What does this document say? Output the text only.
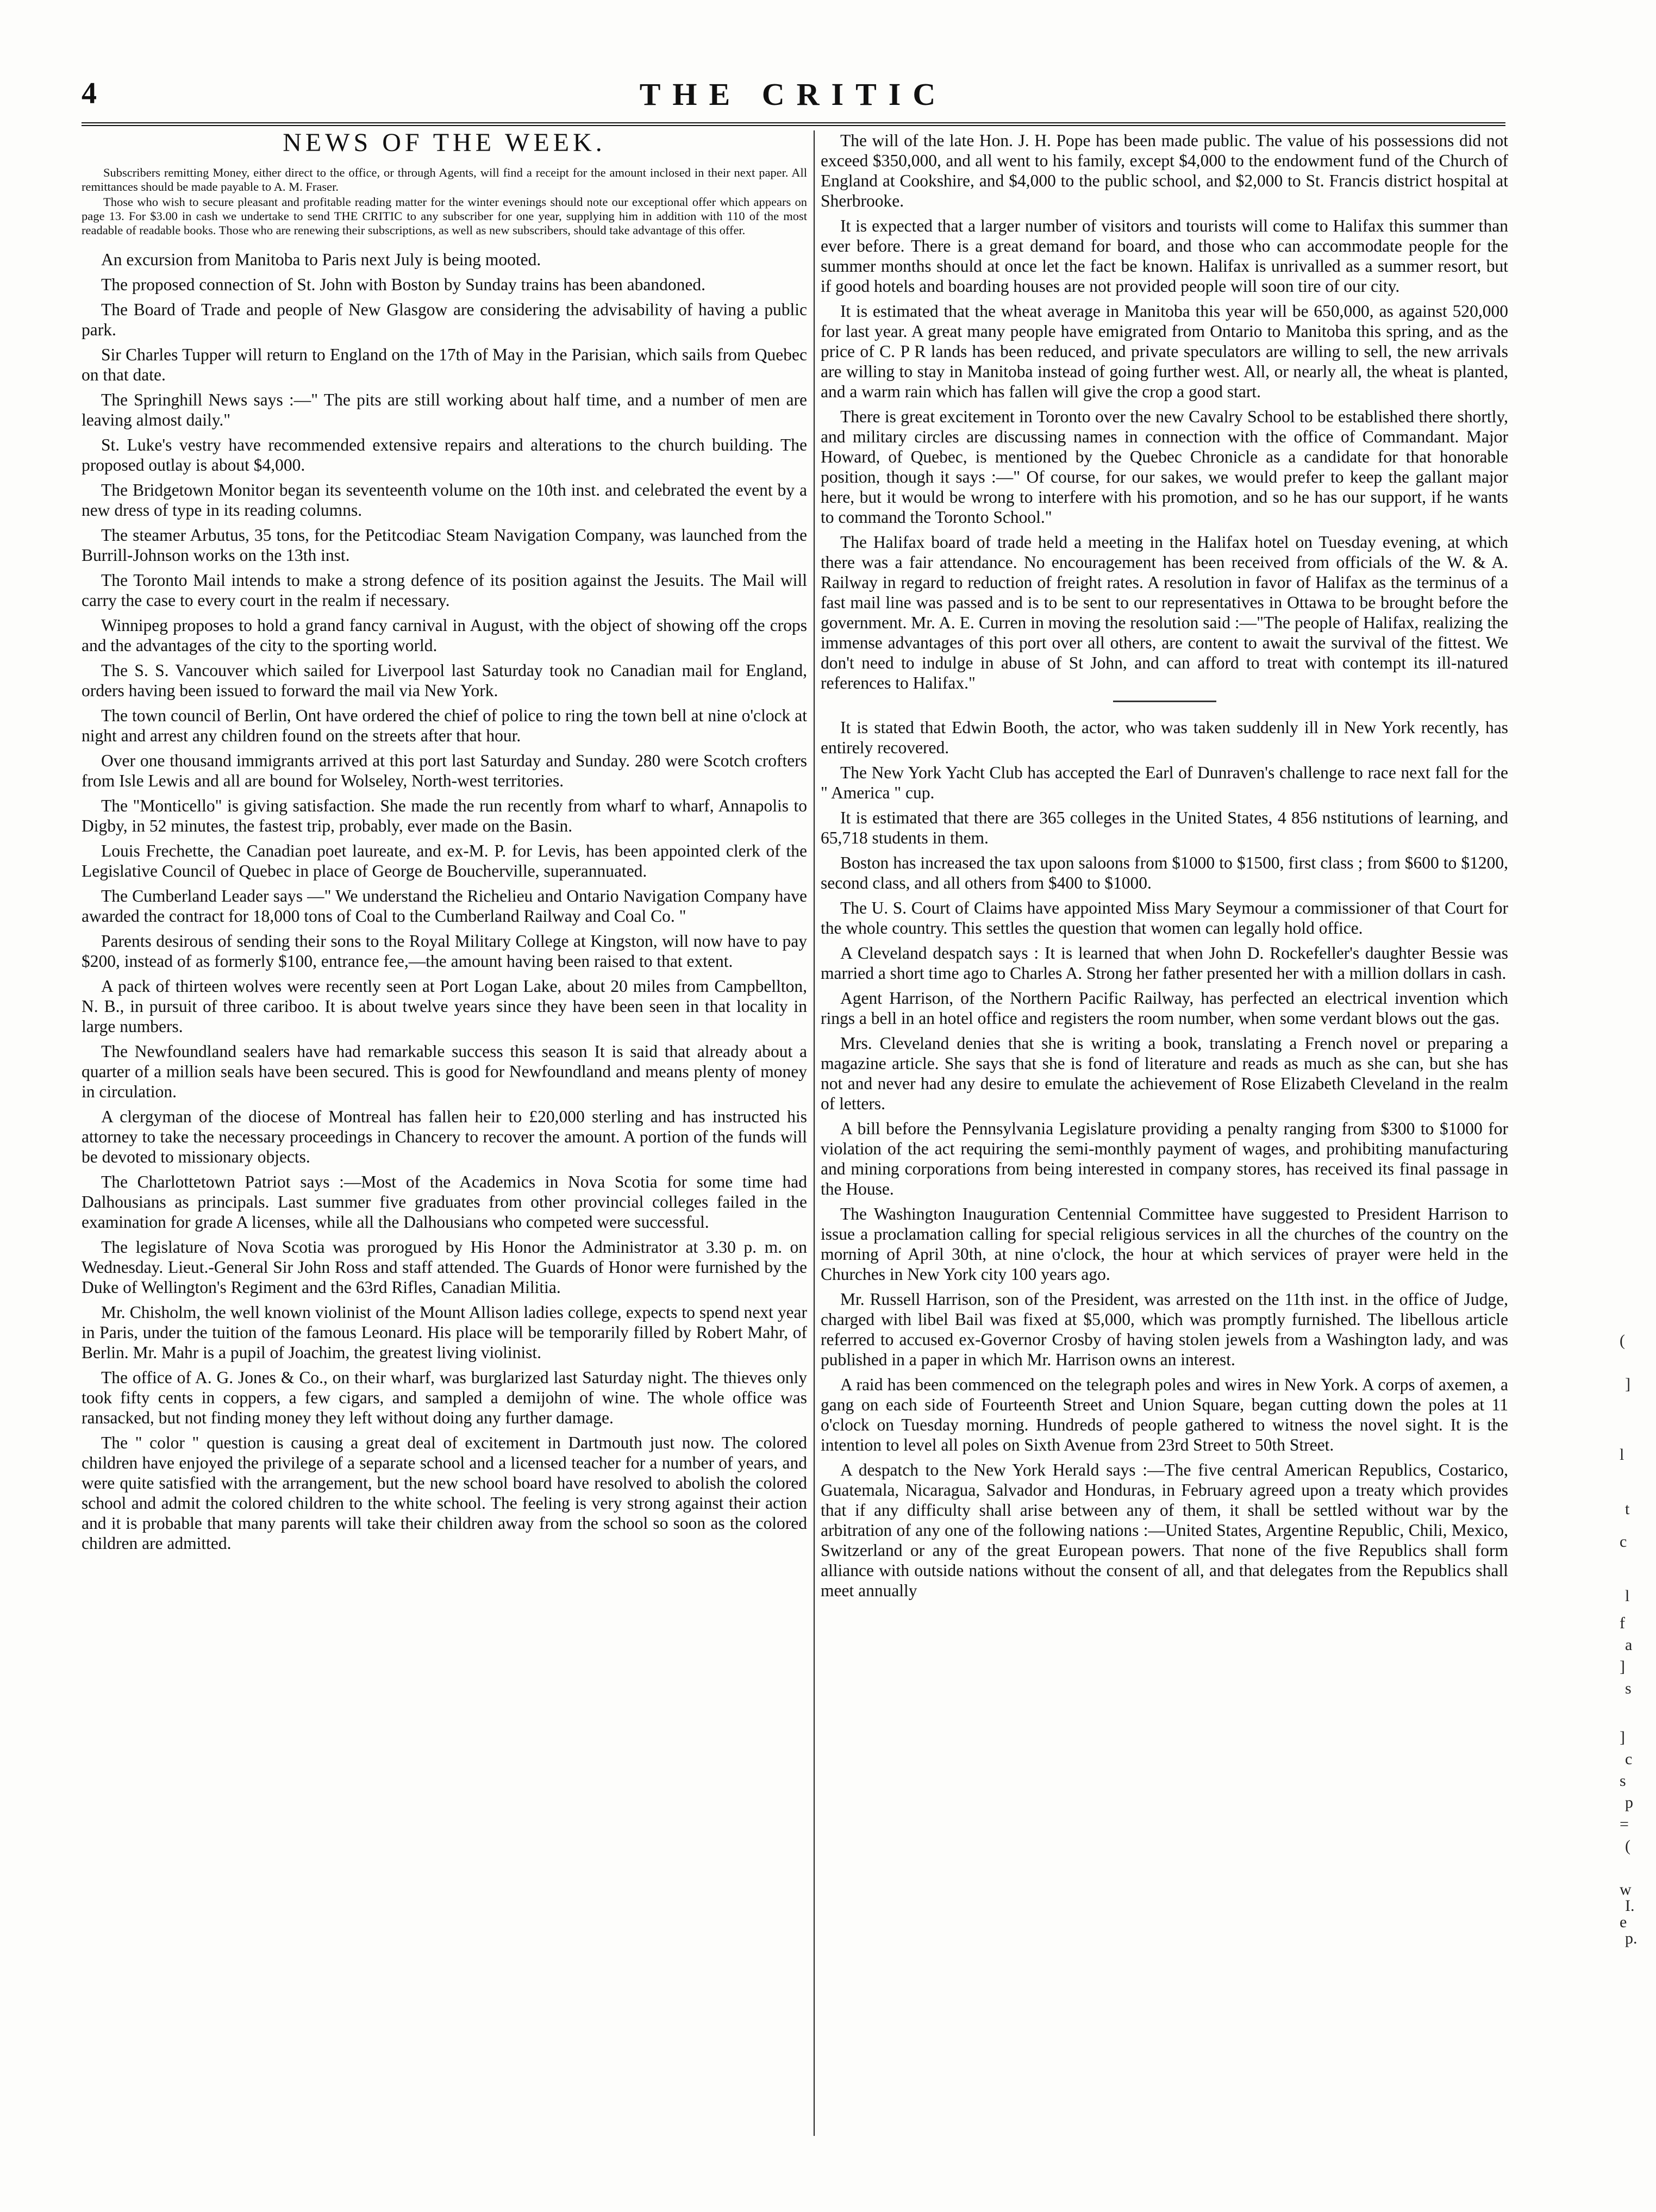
4	THE CRITIC
NEWS OF THE WEEK.

Subscribers remitting Money, either direct to the office, or through Agents, will find a receipt for the amount inclosed in their next paper. All remittances should be made payable to A. M. Fraser.

Those who wish to secure pleasant and profitable reading matter for the winter evenings should note our exceptional offer which appears on page 13. For $3.00 in cash we undertake to send THE CRITIC to any subscriber for one year, supplying him in addition with 110 of the most readable of readable books. Those who are renewing their subscriptions, as well as new subscribers, should take advantage of this offer.

An excursion from Manitoba to Paris next July is being mooted.

The proposed connection of St. John with Boston by Sunday trains has been abandoned.

The Board of Trade and people of New Glasgow are considering the advisability of having a public park.

Sir Charles Tupper will return to England on the 17th of May in the Parisian, which sails from Quebec on that date.

The Springhill News says :—" The pits are still working about half time, and a number of men are leaving almost daily."

St. Luke's vestry have recommended extensive repairs and alterations to the church building. The proposed outlay is about $4,000.

The Bridgetown Monitor began its seventeenth volume on the 10th inst. and celebrated the event by a new dress of type in its reading columns.

The steamer Arbutus, 35 tons, for the Petitcodiac Steam Navigation Company, was launched from the Burrill-Johnson works on the 13th inst.

The Toronto Mail intends to make a strong defence of its position against the Jesuits. The Mail will carry the case to every court in the realm if necessary.

Winnipeg proposes to hold a grand fancy carnival in August, with the object of showing off the crops and the advantages of the city to the sporting world.

The S. S. Vancouver which sailed for Liverpool last Saturday took no Canadian mail for England, orders having been issued to forward the mail via New York.

The town council of Berlin, Ont have ordered the chief of police to ring the town bell at nine o'clock at night and arrest any children found on the streets after that hour.

Over one thousand immigrants arrived at this port last Saturday and Sunday. 280 were Scotch crofters from Isle Lewis and all are bound for Wolseley, North-west territories.

The "Monticello" is giving satisfaction. She made the run recently from wharf to wharf, Annapolis to Digby, in 52 minutes, the fastest trip, probably, ever made on the Basin.

Louis Frechette, the Canadian poet laureate, and ex-M. P. for Levis, has been appointed clerk of the Legislative Council of Quebec in place of George de Boucherville, superannuated.

The Cumberland Leader says —" We understand the Richelieu and Ontario Navigation Company have awarded the contract for 18,000 tons of Coal to the Cumberland Railway and Coal Co. "

Parents desirous of sending their sons to the Royal Military College at Kingston, will now have to pay $200, instead of as formerly $100, entrance fee,—the amount having been raised to that extent.

A pack of thirteen wolves were recently seen at Port Logan Lake, about 20 miles from Campbellton, N. B., in pursuit of three cariboo. It is about twelve years since they have been seen in that locality in large numbers.

The Newfoundland sealers have had remarkable success this season It is said that already about a quarter of a million seals have been secured. This is good for Newfoundland and means plenty of money in circulation.

A clergyman of the diocese of Montreal has fallen heir to £20,000 sterling and has instructed his attorney to take the necessary proceedings in Chancery to recover the amount. A portion of the funds will be devoted to missionary objects.

The Charlottetown Patriot says :—Most of the Academics in Nova Scotia for some time had Dalhousians as principals. Last summer five graduates from other provincial colleges failed in the examination for grade A licenses, while all the Dalhousians who competed were successful.

The legislature of Nova Scotia was prorogued by His Honor the Administrator at 3.30 p. m. on Wednesday. Lieut.-General Sir John Ross and staff attended. The Guards of Honor were furnished by the Duke of Wellington's Regiment and the 63rd Rifles, Canadian Militia.

Mr. Chisholm, the well known violinist of the Mount Allison ladies college, expects to spend next year in Paris, under the tuition of the famous Leonard. His place will be temporarily filled by Robert Mahr, of Berlin. Mr. Mahr is a pupil of Joachim, the greatest living violinist.

The office of A. G. Jones & Co., on their wharf, was burglarized last Saturday night. The thieves only took fifty cents in coppers, a few cigars, and sampled a demijohn of wine. The whole office was ransacked, but not finding money they left without doing any further damage.

The " color " question is causing a great deal of excitement in Dartmouth just now. The colored children have enjoyed the privilege of a separate school and a licensed teacher for a number of years, and were quite satisfied with the arrangement, but the new school board have resolved to abolish the colored school and admit the colored children to the white school. The feeling is very strong against their action and it is probable that many parents will take their children away from the school so soon as the colored children are admitted.

The will of the late Hon. J. H. Pope has been made public. The value of his possessions did not exceed $350,000, and all went to his family, except $4,000 to the endowment fund of the Church of England at Cookshire, and $4,000 to the public school, and $2,000 to St. Francis district hospital at Sherbrooke.

It is expected that a larger number of visitors and tourists will come to Halifax this summer than ever before. There is a great demand for board, and those who can accommodate people for the summer months should at once let the fact be known. Halifax is unrivalled as a summer resort, but if good hotels and boarding houses are not provided people will soon tire of our city.

It is estimated that the wheat average in Manitoba this year will be 650,000, as against 520,000 for last year. A great many people have emigrated from Ontario to Manitoba this spring, and as the price of C. P R lands has been reduced, and private speculators are willing to sell, the new arrivals are willing to stay in Manitoba instead of going further west. All, or nearly all, the wheat is planted, and a warm rain which has fallen will give the crop a good start.

There is great excitement in Toronto over the new Cavalry School to be established there shortly, and military circles are discussing names in connection with the office of Commandant. Major Howard, of Quebec, is mentioned by the Quebec Chronicle as a candidate for that honorable position, though it says :—" Of course, for our sakes, we would prefer to keep the gallant major here, but it would be wrong to interfere with his promotion, and so he has our support, if he wants to command the Toronto School."

The Halifax board of trade held a meeting in the Halifax hotel on Tuesday evening, at which there was a fair attendance. No encouragement has been received from officials of the W. & A. Railway in regard to reduction of freight rates. A resolution in favor of Halifax as the terminus of a fast mail line was passed and is to be sent to our representatives in Ottawa to be brought before the government. Mr. A. E. Curren in moving the resolution said :—"The people of Halifax, realizing the immense advantages of this port over all others, are content to await the survival of the fittest. We don't need to indulge in abuse of St John, and can afford to treat with contempt its ill-natured references to Halifax."

It is stated that Edwin Booth, the actor, who was taken suddenly ill in New York recently, has entirely recovered.

The New York Yacht Club has accepted the Earl of Dunraven's challenge to race next fall for the " America " cup.

It is estimated that there are 365 colleges in the United States, 4 856 nstitutions of learning, and 65,718 students in them.

Boston has increased the tax upon saloons from $1000 to $1500, first class ; from $600 to $1200, second class, and all others from $400 to $1000.

The U. S. Court of Claims have appointed Miss Mary Seymour a commissioner of that Court for the whole country. This settles the question that women can legally hold office.

A Cleveland despatch says : It is learned that when John D. Rockefeller's daughter Bessie was married a short time ago to Charles A. Strong her father presented her with a million dollars in cash.

Agent Harrison, of the Northern Pacific Railway, has perfected an electrical invention which rings a bell in an hotel office and registers the room number, when some verdant blows out the gas.

Mrs. Cleveland denies that she is writing a book, translating a French novel or preparing a magazine article. She says that she is fond of literature and reads as much as she can, but she has not and never had any desire to emulate the achievement of Rose Elizabeth Cleveland in the realm of letters.

A bill before the Pennsylvania Legislature providing a penalty ranging from $300 to $1000 for violation of the act requiring the semi-monthly payment of wages, and prohibiting manufacturing and mining corporations from being interested in company stores, has received its final passage in the House.

The Washington Inauguration Centennial Committee have suggested to President Harrison to issue a proclamation calling for special religious services in all the churches of the country on the morning of April 30th, at nine o'clock, the hour at which services of prayer were held in the Churches in New York city 100 years ago.

Mr. Russell Harrison, son of the President, was arrested on the 11th inst. in the office of Judge, charged with libel Bail was fixed at $5,000, which was promptly furnished. The libellous article referred to accused ex-Governor Crosby of having stolen jewels from a Washington lady, and was published in a paper in which Mr. Harrison owns an interest.

A raid has been commenced on the telegraph poles and wires in New York. A corps of axemen, a gang on each side of Fourteenth Street and Union Square, began cutting down the poles at 11 o'clock on Tuesday morning. Hundreds of people gathered to witness the novel sight. It is the intention to level all poles on Sixth Avenue from 23rd Street to 50th Street.

A despatch to the New York Herald says :—The five central American Republics, Costarico, Guatemala, Nicaragua, Salvador and Honduras, in February agreed upon a treaty which provides that if any difficulty shall arise between any of them, it shall be settled without war by the arbitration of any one of the following nations :—United States, Argentine Republic, Chili, Mexico, Switzerland or any of the great European powers. That none of the five Republics shall form alliance with outside nations without the consent of all, and that delegates from the Republics shall meet annually

(
]
l
t
c
l
f
a
]
s
]
c
s
p
=
(
w
I.
e
p.
